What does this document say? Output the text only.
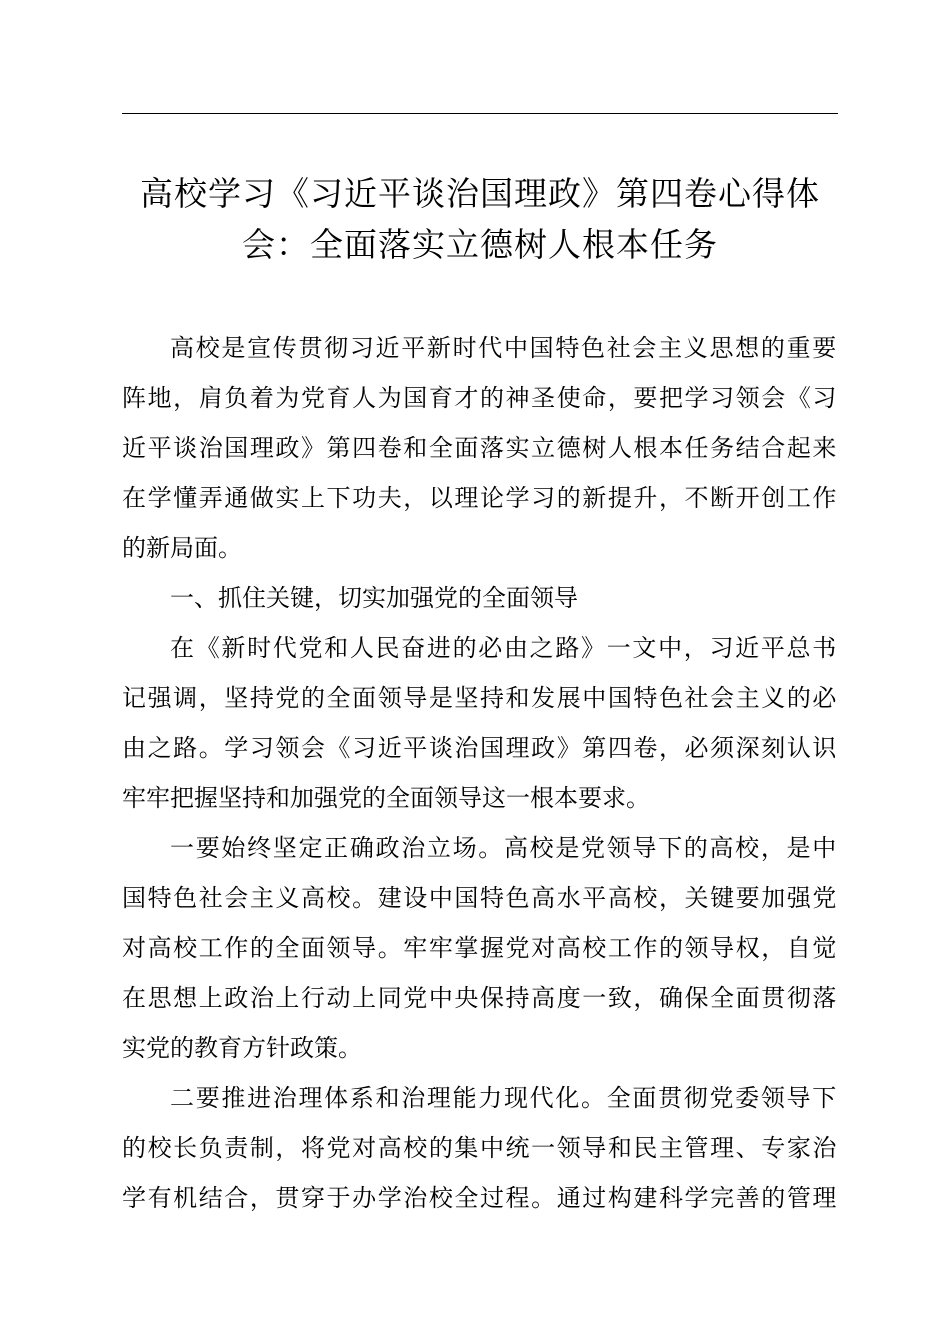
高校学习《习近平谈治国理政》第四卷心得体
会：全面落实立德树人根本任务
高校是宣传贯彻习近平新时代中国特色社会主义思想的重要
阵地，肩负着为党育人为国育才的神圣使命，要把学习领会《习
近平谈治国理政》第四卷和全面落实立德树人根本任务结合起来
在学懂弄通做实上下功夫，以理论学习的新提升，不断开创工作
的新局面。
一、抓住关键，切实加强党的全面领导
在《新时代党和人民奋进的必由之路》一文中，习近平总书
记强调，坚持党的全面领导是坚持和发展中国特色社会主义的必
由之路。学习领会《习近平谈治国理政》第四卷，必须深刻认识
牢牢把握坚持和加强党的全面领导这一根本要求。
一要始终坚定正确政治立场。高校是党领导下的高校，是中
国特色社会主义高校。建设中国特色高水平高校，关键要加强党
对高校工作的全面领导。牢牢掌握党对高校工作的领导权，自觉
在思想上政治上行动上同党中央保持高度一致，确保全面贯彻落
实党的教育方针政策。
二要推进治理体系和治理能力现代化。全面贯彻党委领导下
的校长负责制，将党对高校的集中统一领导和民主管理、专家治
学有机结合，贯穿于办学治校全过程。通过构建科学完善的管理
